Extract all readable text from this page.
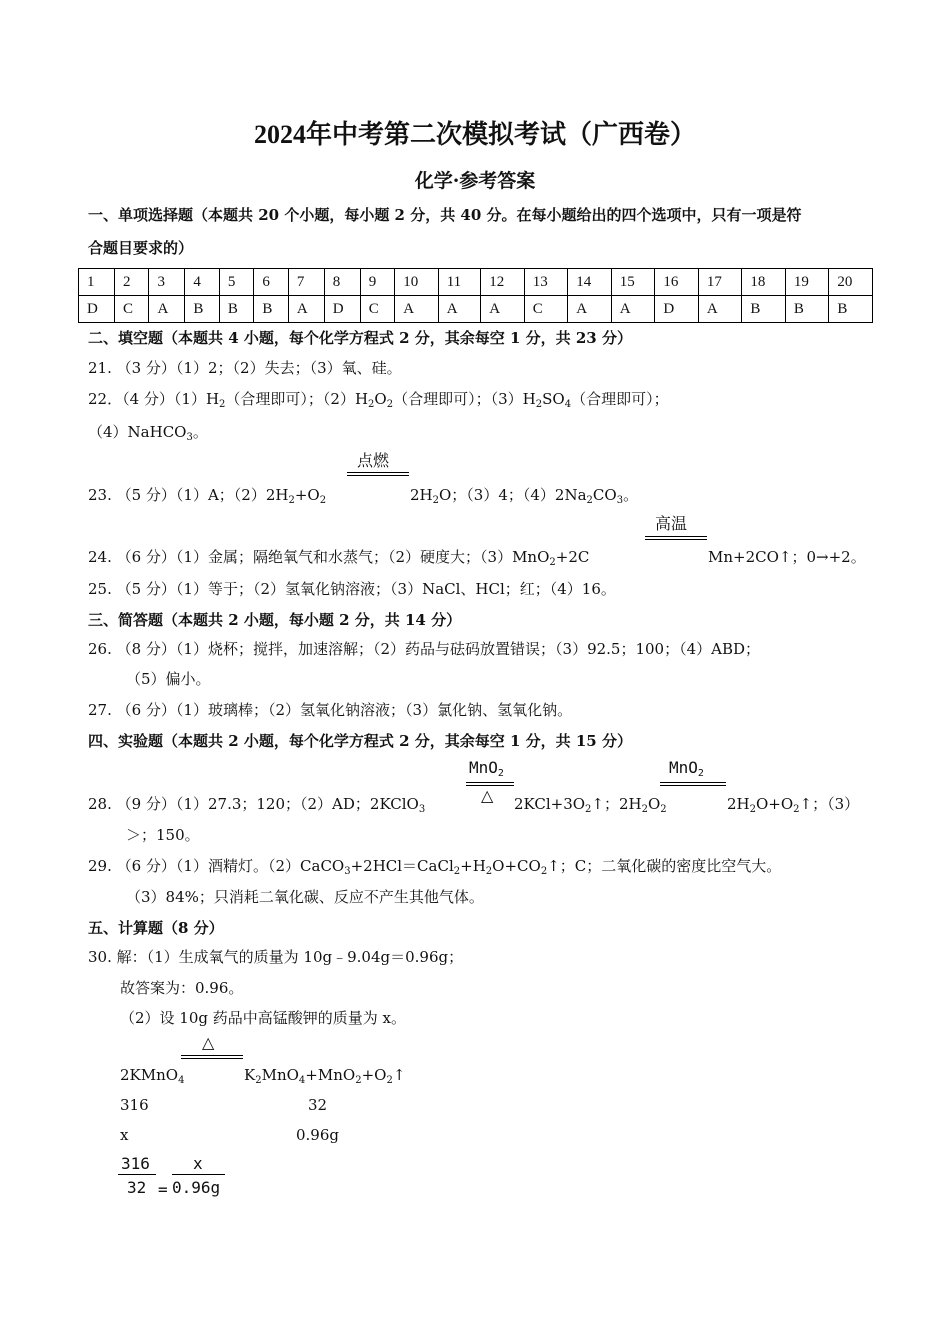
2024年中考第二次模拟考试（广西卷）
化学·参考答案
一、单项选择题（本题共 20 个小题，每小题 2 分，共 40 分。在每小题给出的四个选项中，只有一项是符
合题目要求的）
1	2	3	4	5	6	7	8	9	10	11	12	13	14	15	16	17	18	19	20
D	C	A	B	B	B	A	D	C	A	A	A	C	A	A	D	A	B	B	B
二、填空题（本题共 4 小题，每个化学方程式 2 分，其余每空 1 分，共 23 分）
21. （3 分）（1）2；（2）失去；（3）氧、硅。
22．（4 分）$(1)H_2$（合理即可）；$(2)H_2O_2$（合理即可）；$(3)H_2SO_4$（合理即可）；
（4）NaHCO$_3$。
点燃
23. （5 分）（1）A；$(2)2H_2+O_2$	$2H_2O$；（3）4；$(4)2Na_2CO_3$。
高温
24. （6 分）（1）金属；隔绝氧气和水蒸气；（2）硬度大；（3）MnO$_2$+2C	Mn+2CO↑；0→+2。
25. （5 分）（1）等于；（2）氢氧化钠溶液；（3）NaCl、HCl；红；（4）16。
三、简答题（本题共 2 小题，每小题 2 分，共 14 分）
26. （8 分）（1）烧杯；搅拌，加速溶解；（2）药品与砝码放置错误；（3）92.5；100；（4）ABD；
（5）偏小。
27. （6 分）（1）玻璃棒；（2）氢氧化钠溶液；（3）氯化钠、氢氧化钠。
四、实验题（本题共 2 小题，每个化学方程式 2 分，其余每空 1 分，共 15 分）
MnO$_2$
△
MnO$_2$
28. （9 分）（1）27.3；120；（2）AD；2KClO$_3$	$2KCl+3O_2↑$；$2H_2O_2$	$2H_2O+O_2↑$；（3）
＞；150。
29. （6 分）（1）酒精灯。$(2)CaCO_3+2HCl=CaCl_2+H_2O+CO_2↑$；C；二氧化碳的密度比空气大。
（3）84%；只消耗二氧化碳、反应不产生其他气体。
五、计算题（8 分）
30. 解：（1）生成氧气的质量为 10g﹣9.04g＝0.96g；
故答案为：0.96。
（2）设 10g 药品中高锰酸钾的质量为 x。
△
2KMnO$_4$	$K_2MnO_4+MnO_2+O_2↑$
316	32
x	0.96g
316
32 =
x
0.96g
